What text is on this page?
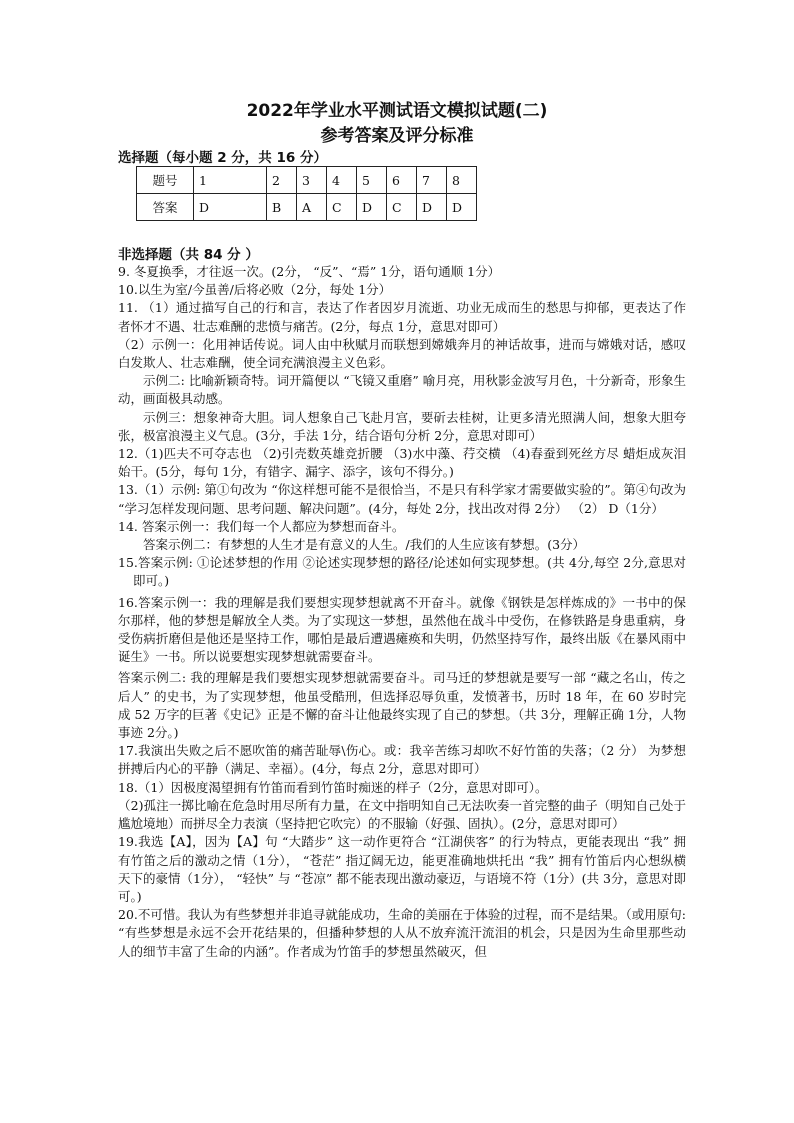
2022年学业水平测试语文模拟试题(二)
参考答案及评分标准
选择题（每小题 2 分，共 16 分）
题号	1	2	3	4	5	6	7	8
答案	D	B	A	C	D	C	D	D
非选择题（共 84 分 ）

9. 冬夏换季，才往返一次。(2分， “反”、“焉” 1分，语句通顺 1分）

10.以生为室/今虽善/后将必败（2分，每处 1分）

11. （1）通过描写自己的行和言，表达了作者因岁月流逝、功业无成而生的愁思与抑郁，更表达了作者怀才不遇、壮志难酬的悲愤与痛苦。(2分，每点 1分，意思对即可）

（2）示例一：化用神话传说。词人由中秋赋月而联想到嫦娥奔月的神话故事，进而与嫦娥对话，感叹白发欺人、壮志难酬，使全词充满浪漫主义色彩。

示例二: 比喻新颖奇特。词开篇便以 “飞镜又重磨” 喻月亮，用秋影金波写月色，十分新奇，形象生动，画面极具动感。

示例三：想象神奇大胆。词人想象自己飞赴月宫，要斫去桂树，让更多清光照满人间，想象大胆夸张，极富浪漫主义气息。(3分，手法 1分，结合语句分析 2分，意思对即可）

12.（1)匹夫不可夺志也 （2)引壳数英雄竞折腰 （3)水中藻、荇交横 （4)春蚕到死丝方尽 蜡炬成灰泪始干。(5分，每句 1分，有错字、漏字、添字，该句不得分。)

13.（1）示例: 第①句改为 “你这样想可能不是很恰当，不是只有科学家才需要做实验的”。第④句改为 “学习怎样发现问题、思考问题、解决问题”。(4分，每处 2分，找出改对得 2分） （2） D（1分）

14. 答案示例一：我们每一个人都应为梦想而奋斗。

答案示例二：有梦想的人生才是有意义的人生。/我们的人生应该有梦想。(3分）

15.答案示例: ①论述梦想的作用 ②论述实现梦想的路径/论述如何实现梦想。(共 4分,每空 2分,意思对即可。)

16.答案示例一：我的理解是我们要想实现梦想就离不开奋斗。就像《钢铁是怎样炼成的》一书中的保尔那样，他的梦想是解放全人类。为了实现这一梦想，虽然他在战斗中受伤，在修铁路是身患重病，身受伤病折磨但是他还是坚持工作，哪怕是最后遭遇瘫痪和失明，仍然坚持写作，最终出版《在暴风雨中诞生》一书。所以说要想实现梦想就需要奋斗。

答案示例二: 我的理解是我们要想实现梦想就需要奋斗。司马迁的梦想就是要写一部 “藏之名山，传之后人” 的史书，为了实现梦想，他虽受酷刑，但选择忍辱负重，发愤著书，历时 18 年，在 60 岁时完成 52 万字的巨著《史记》正是不懈的奋斗让他最终实现了自己的梦想。（共 3分，理解正确 1分，人物事迹 2分。)

17.我演出失败之后不愿吹笛的痛苦耻辱\伤心。或：我辛苦练习却吹不好竹笛的失落；（2 分） 为梦想拼搏后内心的平静（满足、幸福）。(4分，每点 2分，意思对即可）

18.（1）因极度渴望拥有竹笛而看到竹笛时痴迷的样子（2分，意思对即可）。

（2)孤注一掷比喻在危急时用尽所有力量，在文中指明知自己无法吹奏一首完整的曲子（明知自己处于尴尬境地）而拼尽全力表演（坚持把它吹完）的不服输（好强、固执）。(2分，意思对即可）

19.我选【A】，因为【A】句 “大踏步” 这一动作更符合 “江湖侠客” 的行为特点，更能表现出 “我” 拥有竹笛之后的激动之情（1分）， “苍茫” 指辽阔无边，能更准确地烘托出 “我” 拥有竹笛后内心想纵横天下的豪情（1分）， “轻快” 与 “苍凉” 都不能表现出激动豪迈，与语境不符（1分）(共 3分，意思对即可。)

20.不可惜。我认为有些梦想并非追寻就能成功，生命的美丽在于体验的过程，而不是结果。（或用原句: “有些梦想是永远不会开花结果的，但播种梦想的人从不放弃流汗流泪的机会，只是因为生命里那些动人的细节丰富了生命的内涵”。作者成为竹笛手的梦想虽然破灭，但
